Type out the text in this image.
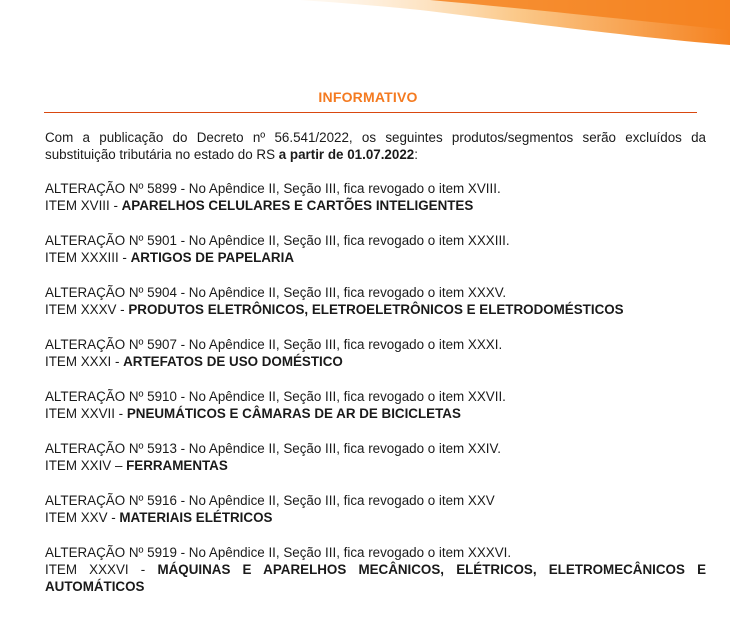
INFORMATIVO
Com a publicação do Decreto nº 56.541/2022, os seguintes produtos/segmentos serão excluídos da substituição tributária no estado do RS a partir de 01.07.2022:
ALTERAÇÃO Nº 5899 - No Apêndice II, Seção III, fica revogado o item XVIII.
ITEM XVIII - APARELHOS CELULARES E CARTÕES INTELIGENTES
ALTERAÇÃO Nº 5901 - No Apêndice II, Seção III, fica revogado o item XXXIII.
ITEM XXXIII - ARTIGOS DE PAPELARIA
ALTERAÇÃO Nº 5904 - No Apêndice II, Seção III, fica revogado o item XXXV.
ITEM XXXV - PRODUTOS ELETRÔNICOS, ELETROELETRÔNICOS E ELETRODOMÉSTICOS
ALTERAÇÃO Nº 5907 - No Apêndice II, Seção III, fica revogado o item XXXI.
ITEM XXXI - ARTEFATOS DE USO DOMÉSTICO
ALTERAÇÃO Nº 5910 - No Apêndice II, Seção III, fica revogado o item XXVII.
ITEM XXVII - PNEUMÁTICOS E CÂMARAS DE AR DE BICICLETAS
ALTERAÇÃO Nº 5913 - No Apêndice II, Seção III, fica revogado o item XXIV.
ITEM XXIV – FERRAMENTAS
ALTERAÇÃO Nº 5916 - No Apêndice II, Seção III, fica revogado o item XXV
ITEM XXV - MATERIAIS ELÉTRICOS
ALTERAÇÃO Nº 5919 - No Apêndice II, Seção III, fica revogado o item XXXVI.
ITEM XXXVI - MÁQUINAS E APARELHOS MECÂNICOS, ELÉTRICOS, ELETROMECÂNICOS E AUTOMÁTICOS
